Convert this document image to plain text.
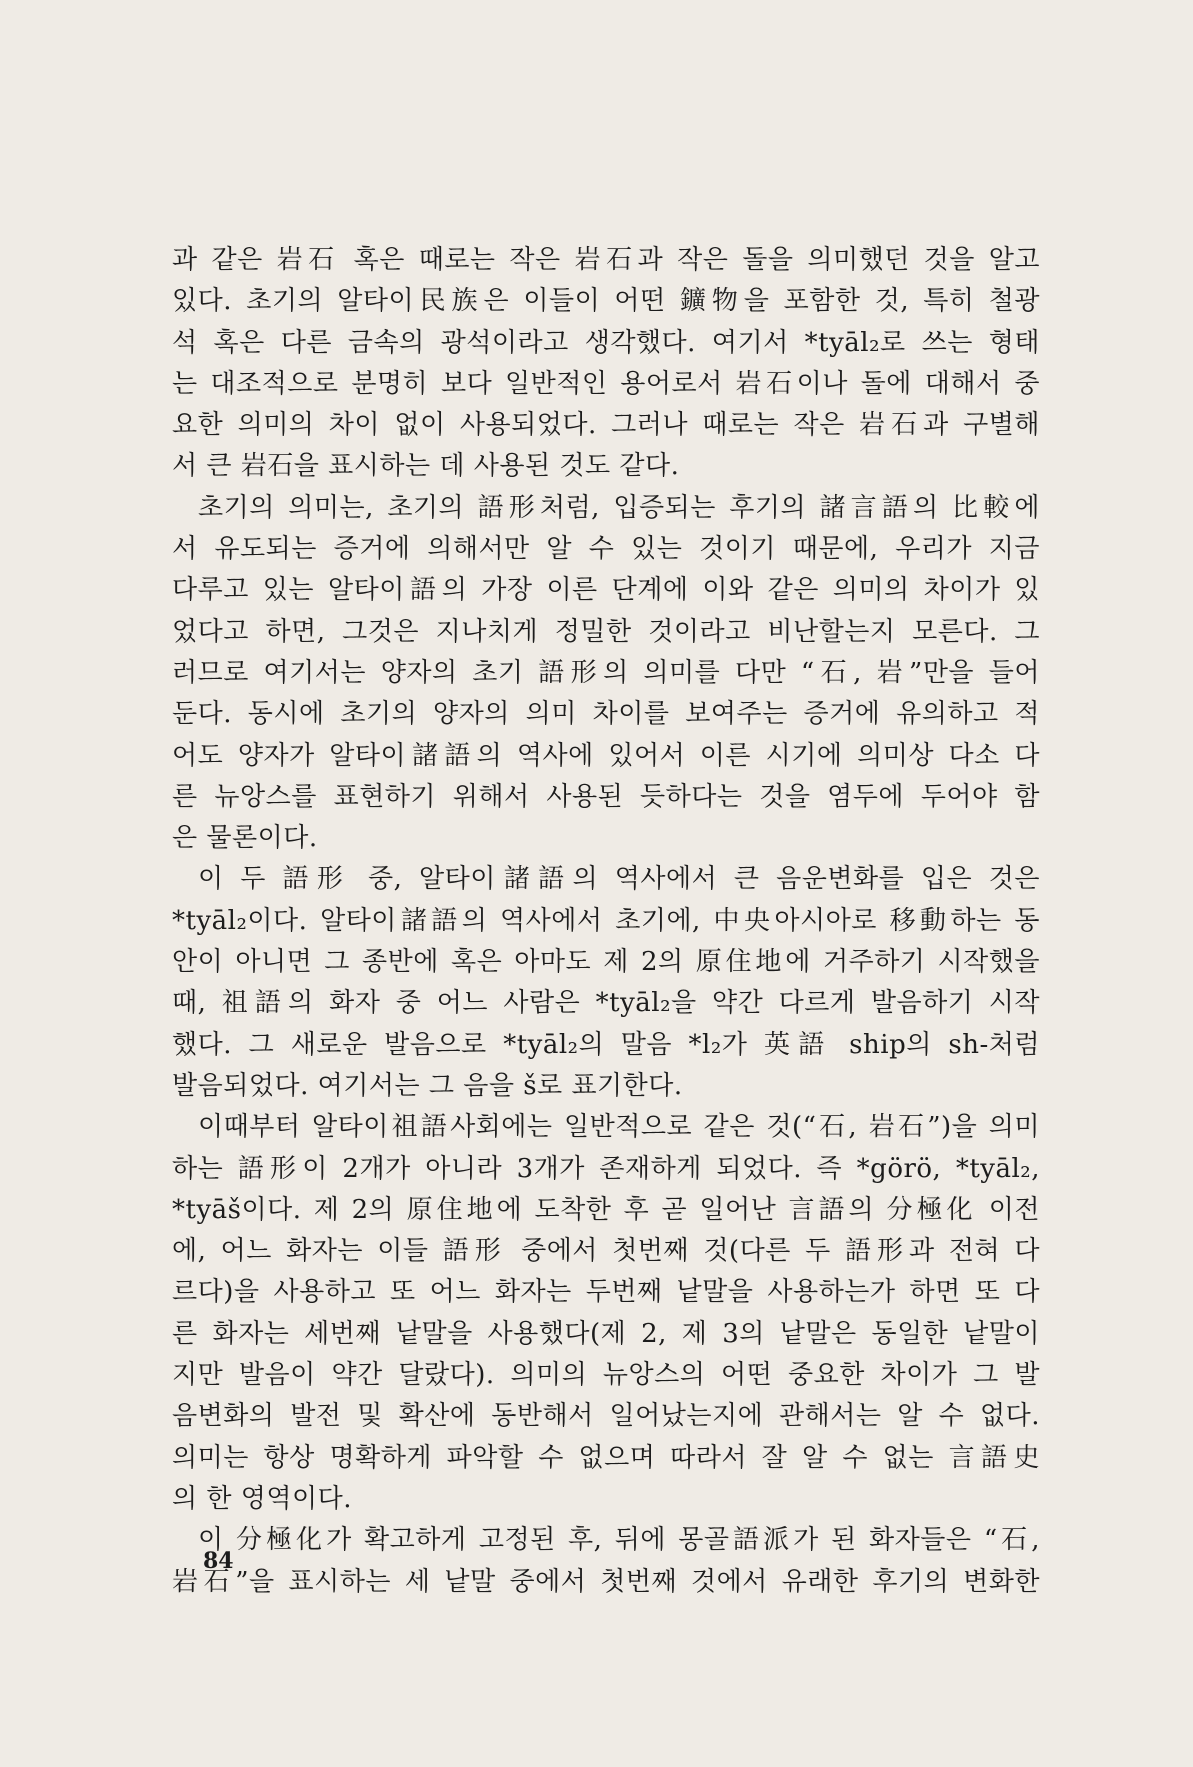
과 같은 岩石 혹은 때로는 작은 岩石과 작은 돌을 의미했던 것을 알고
있다. 초기의 알타이民族은 이들이 어떤 鑛物을 포함한 것, 특히 철광
석 혹은 다른 금속의 광석이라고 생각했다. 여기서 *tyāl₂로 쓰는 형태
는 대조적으로 분명히 보다 일반적인 용어로서 岩石이나 돌에 대해서 중
요한 의미의 차이 없이 사용되었다. 그러나 때로는 작은 岩石과 구별해
서 큰 岩石을 표시하는 데 사용된 것도 같다.
초기의 의미는, 초기의 語形처럼, 입증되는 후기의 諸言語의 比較에
서 유도되는 증거에 의해서만 알 수 있는 것이기 때문에, 우리가 지금
다루고 있는 알타이語의 가장 이른 단계에 이와 같은 의미의 차이가 있
었다고 하면, 그것은 지나치게 정밀한 것이라고 비난할는지 모른다. 그
러므로 여기서는 양자의 초기 語形의 의미를 다만 “石, 岩”만을 들어
둔다. 동시에 초기의 양자의 의미 차이를 보여주는 증거에 유의하고 적
어도 양자가 알타이諸語의 역사에 있어서 이른 시기에 의미상 다소 다
른 뉴앙스를 표현하기 위해서 사용된 듯하다는 것을 염두에 두어야 함
은 물론이다.
이 두 語形 중, 알타이諸語의 역사에서 큰 음운변화를 입은 것은
*tyāl₂이다. 알타이諸語의 역사에서 초기에, 中央아시아로 移動하는 동
안이 아니면 그 종반에 혹은 아마도 제 2의 原住地에 거주하기 시작했을
때, 祖語의 화자 중 어느 사람은 *tyāl₂을 약간 다르게 발음하기 시작
했다. 그 새로운 발음으로 *tyāl₂의 말음 *l₂가 英語 ship의 sh-처럼
발음되었다. 여기서는 그 음을 š로 표기한다.
이때부터 알타이祖語사회에는 일반적으로 같은 것(“石, 岩石”)을 의미
하는 語形이 2개가 아니라 3개가 존재하게 되었다. 즉 *görö, *tyāl₂,
*tyāš이다. 제 2의 原住地에 도착한 후 곧 일어난 言語의 分極化 이전
에, 어느 화자는 이들 語形 중에서 첫번째 것(다른 두 語形과 전혀 다
르다)을 사용하고 또 어느 화자는 두번째 낱말을 사용하는가 하면 또 다
른 화자는 세번째 낱말을 사용했다(제 2, 제 3의 낱말은 동일한 낱말이
지만 발음이 약간 달랐다). 의미의 뉴앙스의 어떤 중요한 차이가 그 발
음변화의 발전 및 확산에 동반해서 일어났는지에 관해서는 알 수 없다.
의미는 항상 명확하게 파악할 수 없으며 따라서 잘 알 수 없는 言語史
의 한 영역이다.
이 分極化가 확고하게 고정된 후, 뒤에 몽골語派가 된 화자들은 “石,
岩石”을 표시하는 세 낱말 중에서 첫번째 것에서 유래한 후기의 변화한
84
